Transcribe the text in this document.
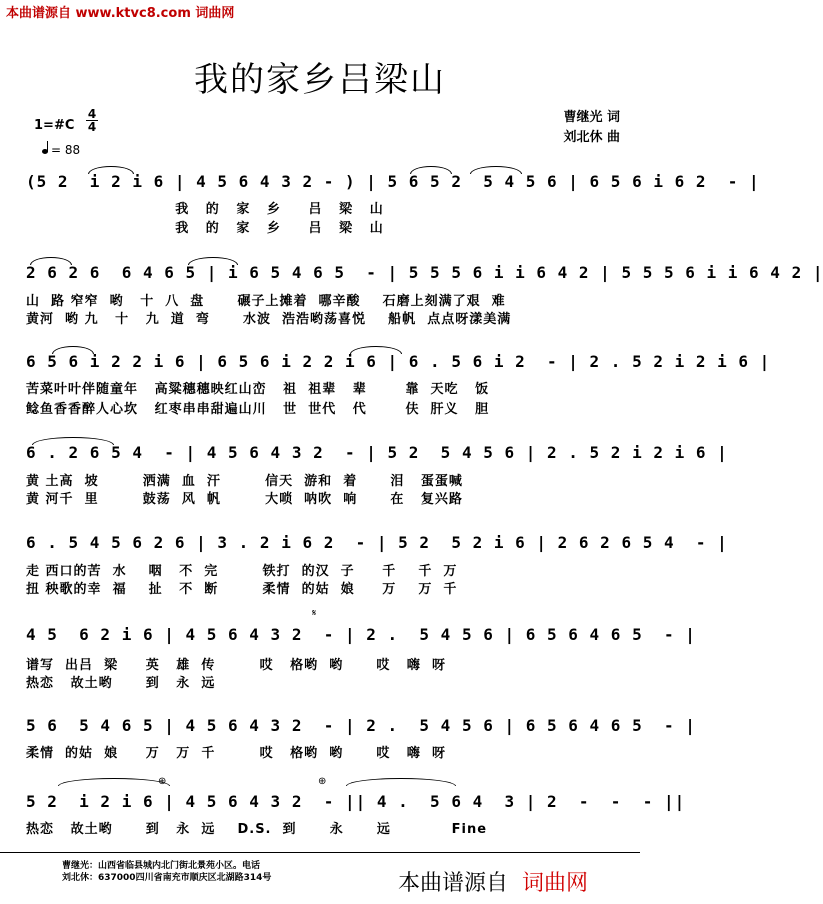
本曲谱源自 www.ktvc8.com 词曲网
我的家乡吕梁山
1=#C
4
4
= 88
曹继光 词
刘北休 曲
(5 2  i 2 i 6 | 4 5 6 4 3 2 - ) | 5 6 5 2  5 4 5 6 | 6 5 6 i 6 2  - |
我   的   家   乡     吕   梁   山
我   的   家   乡     吕   梁   山
2 6 2 6  6 4 6 5 | i 6 5 4 6 5  - | 5 5 5 6 i i 6 4 2 | 5 5 5 6 i i 6 4 2 |
山  路 窄窄  哟   十  八  盘      碾子上摊着  哪辛酸    石磨上刻满了艰  难
黄河  哟 九   十   九  道  弯      水波  浩浩哟荡喜悦    船帆  点点呀漾美满
6 5 6 i 2 2 i 6 | 6 5 6 i 2 2 i 6 | 6 . 5 6 i 2  - | 2 . 5 2 i 2 i 6 |
苦菜叶叶伴随童年   高粱穗穗映红山峦   祖  祖辈   辈       靠  天吃   饭
鲶鱼香香醉人心坎   红枣串串甜遍山川   世  世代   代       伕  肝义   胆
6 . 2 6 5 4  - | 4 5 6 4 3 2  - | 5 2  5 4 5 6 | 2 . 5 2 i 2 i 6 |
黄 土高  坡        洒满  血  汗        信天  游和  着      泪   蛋蛋喊
黄 河千  里        鼓荡  风  帆        大唢  呐吹  响      在   复兴路
6 . 5 4 5 6 2 6 | 3 . 2 i 6 2  - | 5 2  5 2 i 6 | 2 6 2 6 5 4  - |
走 西口的苦  水    咽   不  完        铁打  的汉  子     千    千  万
扭 秧歌的幸  福    扯   不  断        柔情  的姑  娘     万    万  千
𝄋
4 5  6 2 i 6 | 4 5 6 4 3 2  - | 2 .  5 4 5 6 | 6 5 6 4 6 5  - |
谱写  出吕  梁     英   雄  传        哎   格哟  哟      哎   嗨  呀
热恋   故土哟      到   永  远
5 6  5 4 6 5 | 4 5 6 4 3 2  - | 2 .  5 4 5 6 | 6 5 6 4 6 5  - |
柔情  的姑  娘     万   万  千        哎   格哟  哟      哎   嗨  呀
⊕	⊕
5 2  i 2 i 6 | 4 5 6 4 3 2  - || 4 .  5 6 4  3 | 2  -  -  - ||
热恋   故土哟      到   永  远    D.S.  到      永      远           Fine
曹继光：山西省临县城内北门街北景苑小区。电话
刘北休：637000四川省南充市顺庆区北湖路314号	本曲谱源自 词曲网
